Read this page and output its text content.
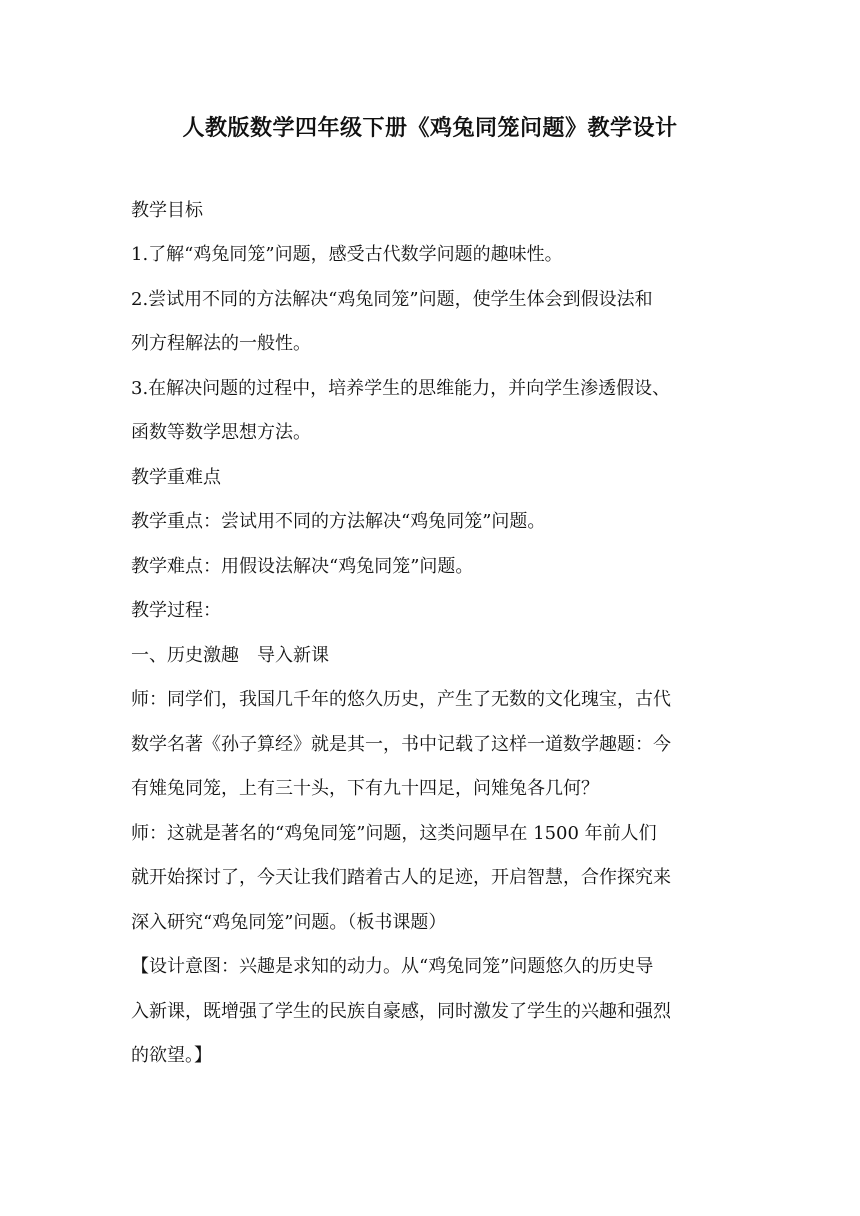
人教版数学四年级下册《鸡兔同笼问题》教学设计
教学目标
1.了解“鸡兔同笼”问题，感受古代数学问题的趣味性。
2.尝试用不同的方法解决“鸡兔同笼”问题，使学生体会到假设法和
列方程解法的一般性。
3.在解决问题的过程中，培养学生的思维能力，并向学生渗透假设、
函数等数学思想方法。
教学重难点
教学重点：尝试用不同的方法解决“鸡兔同笼”问题。
教学难点：用假设法解决“鸡兔同笼”问题。
教学过程：
一、历史激趣　导入新课
师：同学们，我国几千年的悠久历史，产生了无数的文化瑰宝，古代
数学名著《孙子算经》就是其一，书中记载了这样一道数学趣题：今
有雉兔同笼，上有三十头，下有九十四足，问雉兔各几何？
师：这就是著名的“鸡兔同笼”问题，这类问题早在 1500 年前人们
就开始探讨了，今天让我们踏着古人的足迹，开启智慧，合作探究来
深入研究“鸡兔同笼”问题。（板书课题）
【设计意图：兴趣是求知的动力。从“鸡兔同笼”问题悠久的历史导
入新课，既增强了学生的民族自豪感，同时激发了学生的兴趣和强烈
的欲望。】
